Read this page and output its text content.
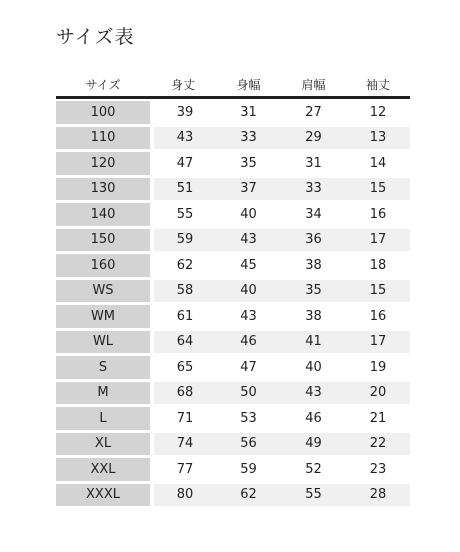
サイズ表
サイズ	身丈	身幅	肩幅	袖丈
100	39	31	27	12
110	43	33	29	13
120	47	35	31	14
130	51	37	33	15
140	55	40	34	16
150	59	43	36	17
160	62	45	38	18
WS	58	40	35	15
WM	61	43	38	16
WL	64	46	41	17
S	65	47	40	19
M	68	50	43	20
L	71	53	46	21
XL	74	56	49	22
XXL	77	59	52	23
XXXL	80	62	55	28
